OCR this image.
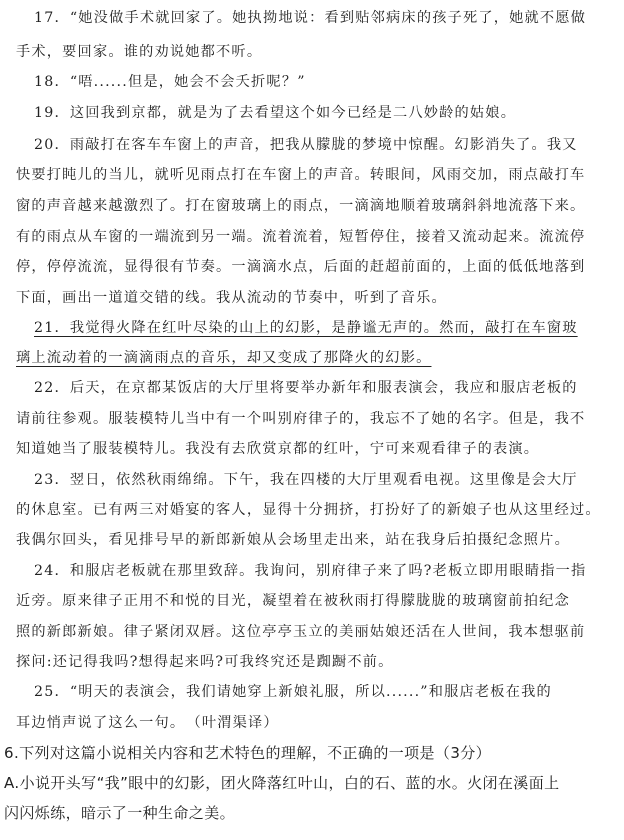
17．“她没做手术就回家了。她执拗地说：看到贴邻病床的孩子死了，她就不愿做
手术，要回家。谁的劝说她都不听。
18．“唔......但是，她会不会夭折呢？”
19．这回我到京都，就是为了去看望这个如今已经是二八妙龄的姑娘。
20．雨敲打在客车车窗上的声音，把我从朦胧的梦境中惊醒。幻影消失了。我又
快要打盹儿的当儿，就听见雨点打在车窗上的声音。转眼间，风雨交加，雨点敲打车
窗的声音越来越激烈了。打在窗玻璃上的雨点，一滴滴地顺着玻璃斜斜地流落下来。
有的雨点从车窗的一端流到另一端。流着流着，短暂停住，接着又流动起来。流流停
停，停停流流，显得很有节奏。一滴滴水点，后面的赶超前面的，上面的低低地落到
下面，画出一道道交错的线。我从流动的节奏中，听到了音乐。
21．我觉得火降在红叶尽染的山上的幻影，是静谧无声的。然而，敲打在车窗玻
璃上流动着的一滴滴雨点的音乐，却又变成了那降火的幻影。
22．后天，在京都某饭店的大厅里将要举办新年和服表演会，我应和服店老板的
请前往参观。服装模特儿当中有一个叫别府律子的，我忘不了她的名字。但是，我不
知道她当了服装模特儿。我没有去欣赏京都的红叶，宁可来观看律子的表演。
23．翌日，依然秋雨绵绵。下午，我在四楼的大厅里观看电视。这里像是会大厅
的休息室。已有两三对婚宴的客人，显得十分拥挤，打扮好了的新娘子也从这里经过。
我偶尔回头，看见排号早的新郎新娘从会场里走出来，站在我身后拍摄纪念照片。
24．和服店老板就在那里致辞。我询问，别府律子来了吗?老板立即用眼睛指一指
近旁。原来律子正用不和悦的目光，凝望着在被秋雨打得朦胧胧的玻璃窗前拍纪念
照的新郎新娘。律子紧闭双唇。这位亭亭玉立的美丽姑娘还活在人世间，我本想驱前
探问:还记得我吗?想得起来吗?可我终究还是踟蹰不前。
25．“明天的表演会，我们请她穿上新娘礼服，所以......”和服店老板在我的
耳边悄声说了这么一句。　（叶渭渠译）
6.下列对这篇小说相关内容和艺术特色的理解，不正确的一项是（3分）
A.小说开头写“我”眼中的幻影，团火降落红叶山，白的石、蓝的水。火闭在溪面上
闪闪烁练，暗示了一种生命之美。
